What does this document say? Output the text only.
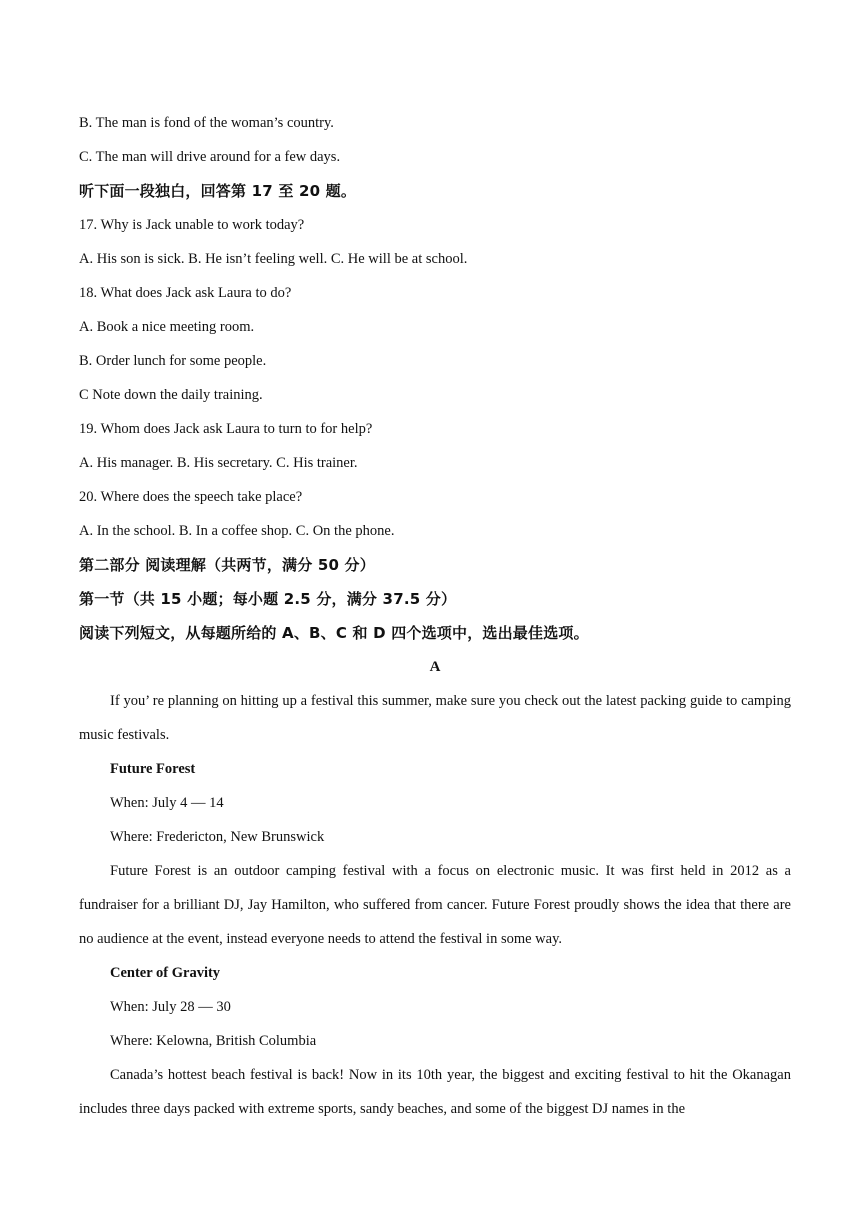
B. The man is fond of the woman’s country.
C. The man will drive around for a few days.
听下面一段独白，回答第 17 至 20 题。
17. Why is Jack unable to work today?
A. His son is sick. B. He isn’t feeling well. C. He will be at school.
18. What does Jack ask Laura to do?
A. Book a nice meeting room.
B. Order lunch for some people.
C Note down the daily training.
19. Whom does Jack ask Laura to turn to for help?
A. His manager. B. His secretary. C. His trainer.
20. Where does the speech take place?
A. In the school. B. In a coffee shop. C. On the phone.
第二部分 阅读理解（共两节，满分 50 分）
第一节（共 15 小题；每小题 2.5 分，满分 37.5 分）
阅读下列短文，从每题所给的 A、B、C 和 D 四个选项中，选出最佳选项。
A
If you’ re planning on hitting up a festival this summer, make sure you check out the latest packing guide to camping music festivals.
Future Forest
When: July 4 — 14
Where: Fredericton, New Brunswick
Future Forest is an outdoor camping festival with a focus on electronic music. It was first held in 2012 as a fundraiser for a brilliant DJ, Jay Hamilton, who suffered from cancer. Future Forest proudly shows the idea that there are no audience at the event, instead everyone needs to attend the festival in some way.
Center of Gravity
When: July 28 — 30
Where: Kelowna, British Columbia
Canada’s hottest beach festival is back! Now in its 10th year, the biggest and exciting festival to hit the Okanagan includes three days packed with extreme sports, sandy beaches, and some of the biggest DJ names in the
